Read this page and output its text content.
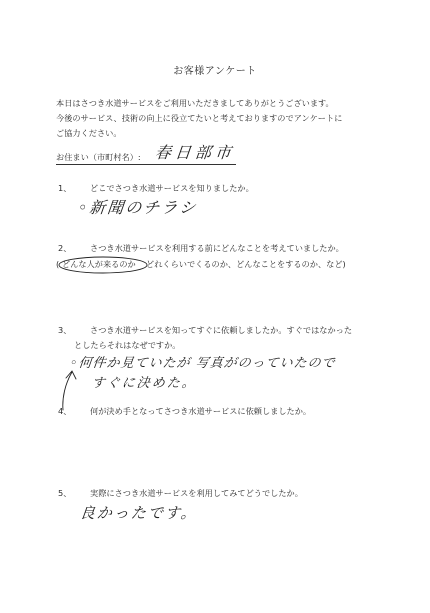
お客様アンケート
本日はさつき水道サービスをご利用いただきましてありがとうございます。
今後のサービス、技術の向上に役立てたいと考えておりますのでアンケートに
ご協力ください。
お住まい（市町村名）: 春日部市
1、 どこでさつき水道サービスを知りましたか。
◦新聞のチラシ
2、 さつき水道サービスを利用する前にどんなことを考えていましたか。
( どんな人が来るのか どれくらいでくるのか、どんなことをするのか、など)
3、 さつき水道サービスを知ってすぐに依頼しましたか。すぐではなかった
としたらそれはなぜですか。
◦何件か見ていたが 写真がのっていたので
すぐに決めた。
4、 何が決め手となってさつき水道サービスに依頼しましたか。
5、 実際にさつき水道サービスを利用してみてどうでしたか。
良かったです。
